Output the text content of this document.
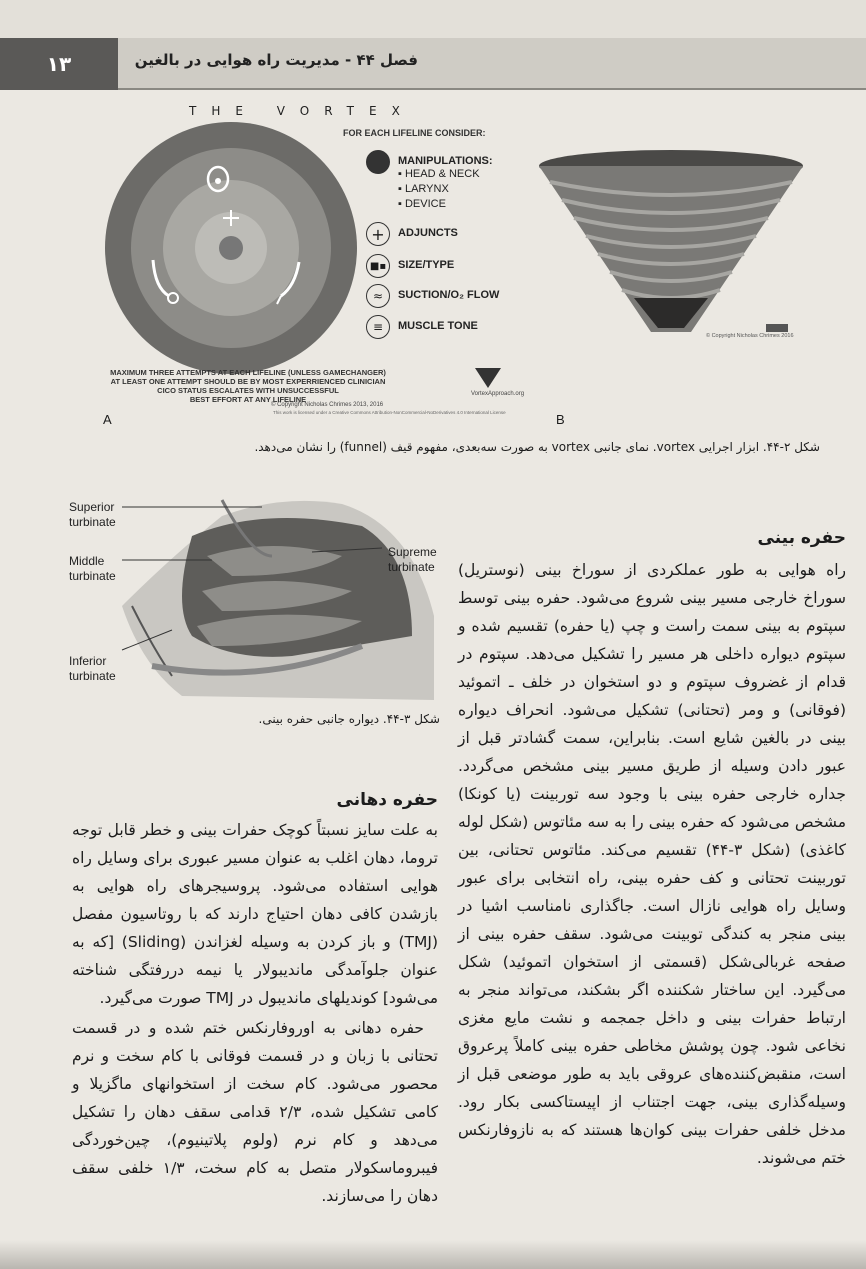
۱۳	فصل ۴۴ - مدیریت راه هوایی در بالغین
THE VORTEX
FOR EACH LIFELINE CONSIDER:
MANIPULATIONS:
▪ HEAD & NECK
▪ LARYNX
▪ DEVICE
+	ADJUNCTS
■▪	SIZE/TYPE
≈	SUCTION/O₂ FLOW
≡	MUSCLE TONE
MAXIMUM THREE ATTEMPTS AT EACH LIFELINE (UNLESS GAMECHANGER)
AT LEAST ONE ATTEMPT SHOULD BE BY MOST EXPERRIENCED CLINICIAN
CICO STATUS ESCALATES WITH UNSUCCESSFUL
BEST EFFORT AT ANY LIFELINE
VortexApproach.org
© Copyright Nicholas Chrimes 2013, 2016
This work is licensed under a Creative Commons Attribution-NonCommercial-NoDerivatives 4.0 International License
© Copyright Nicholas Chrimes 2016
A	B
شکل ۲-۴۴. ابزار اجرایی vortex. نمای جانبی vortex به صورت سه‌بعدی، مفهوم قیف (funnel) را نشان می‌دهد.
Superior
turbinate
Middle
turbinate
Inferior
turbinate
Supreme
turbinate
شکل ۳-۴۴. دیواره جانبی حفره بینی.
حفره بینی

راه هوایی به طور عملکردی از سوراخ بینی (نوستریل) سوراخ خارجی مسیر بینی شروع می‌شود. حفره بینی توسط سپتوم به بینی سمت راست و چپ (یا حفره) تقسیم شده و سپتوم دیواره داخلی هر مسیر را تشکیل می‌دهد. سپتوم در قدام از غضروف سپتوم و دو استخوان در خلف ـ اتموئید (فوقانی) و ومر (تحتانی) تشکیل می‌شود. انحراف دیواره بینی در بالغین شایع است. بنابراین، سمت گشادتر قبل از عبور دادن وسیله از طریق مسیر بینی مشخص می‌گردد. جداره خارجی حفره بینی با وجود سه توربینت (یا کونکا) مشخص می‌شود که حفره بینی را به سه مئاتوس (شکل لوله کاغذی) (شکل ۳-۴۴) تقسیم می‌کند. مئاتوس تحتانی، بین توربینت تحتانی و کف حفره بینی، راه انتخابی برای عبور وسایل راه هوایی نازال است. جاگذاری نامناسب اشیا در بینی منجر به کندگی توبینت می‌شود. سقف حفره بینی از صفحه غربالی‌شکل (قسمتی از استخوان اتموئید) شکل می‌گیرد. این ساختار شکننده اگر بشکند، می‌تواند منجر به ارتباط حفرات بینی و داخل جمجمه و نشت مایع مغزی نخاعی شود. چون پوشش مخاطی حفره بینی کاملاً پرعروق است، منقبض‌کننده‌های عروقی باید به طور موضعی قبل از وسیله‌گذاری بینی، جهت اجتناب از اپیستاکسی بکار رود. مدخل خلفی حفرات بینی کوان‌ها هستند که به نازوفارنکس ختم می‌شوند.

حفره دهانی

به علت سایز نسبتاً کوچک حفرات بینی و خطر قابل توجه تروما، دهان اغلب به عنوان مسیر عبوری برای وسایل راه هوایی استفاده می‌شود. پروسیجرهای راه هوایی به بازشدن کافی دهان احتیاج دارند که با روتاسیون مفصل (TMJ) و باز کردن به وسیله لغزاندن (Sliding) [که به عنوان جلوآمدگی ماندیبولار یا نیمه دررفتگی شناخته می‌شود] کوندیلهای ماندیبول در TMJ صورت می‌گیرد.

حفره دهانی به اوروفارنکس ختم شده و در قسمت تحتانی با زبان و در قسمت فوقانی با کام سخت و نرم محصور می‌شود. کام سخت از استخوانهای ماگزیلا و کامی تشکیل شده، ۲/۳ قدامی سقف دهان را تشکیل می‌دهد و کام نرم (ولوم پلاتینیوم)، چین‌خوردگی فیبروماسکولار متصل به کام سخت، ۱/۳ خلفی سقف دهان را می‌سازند.
